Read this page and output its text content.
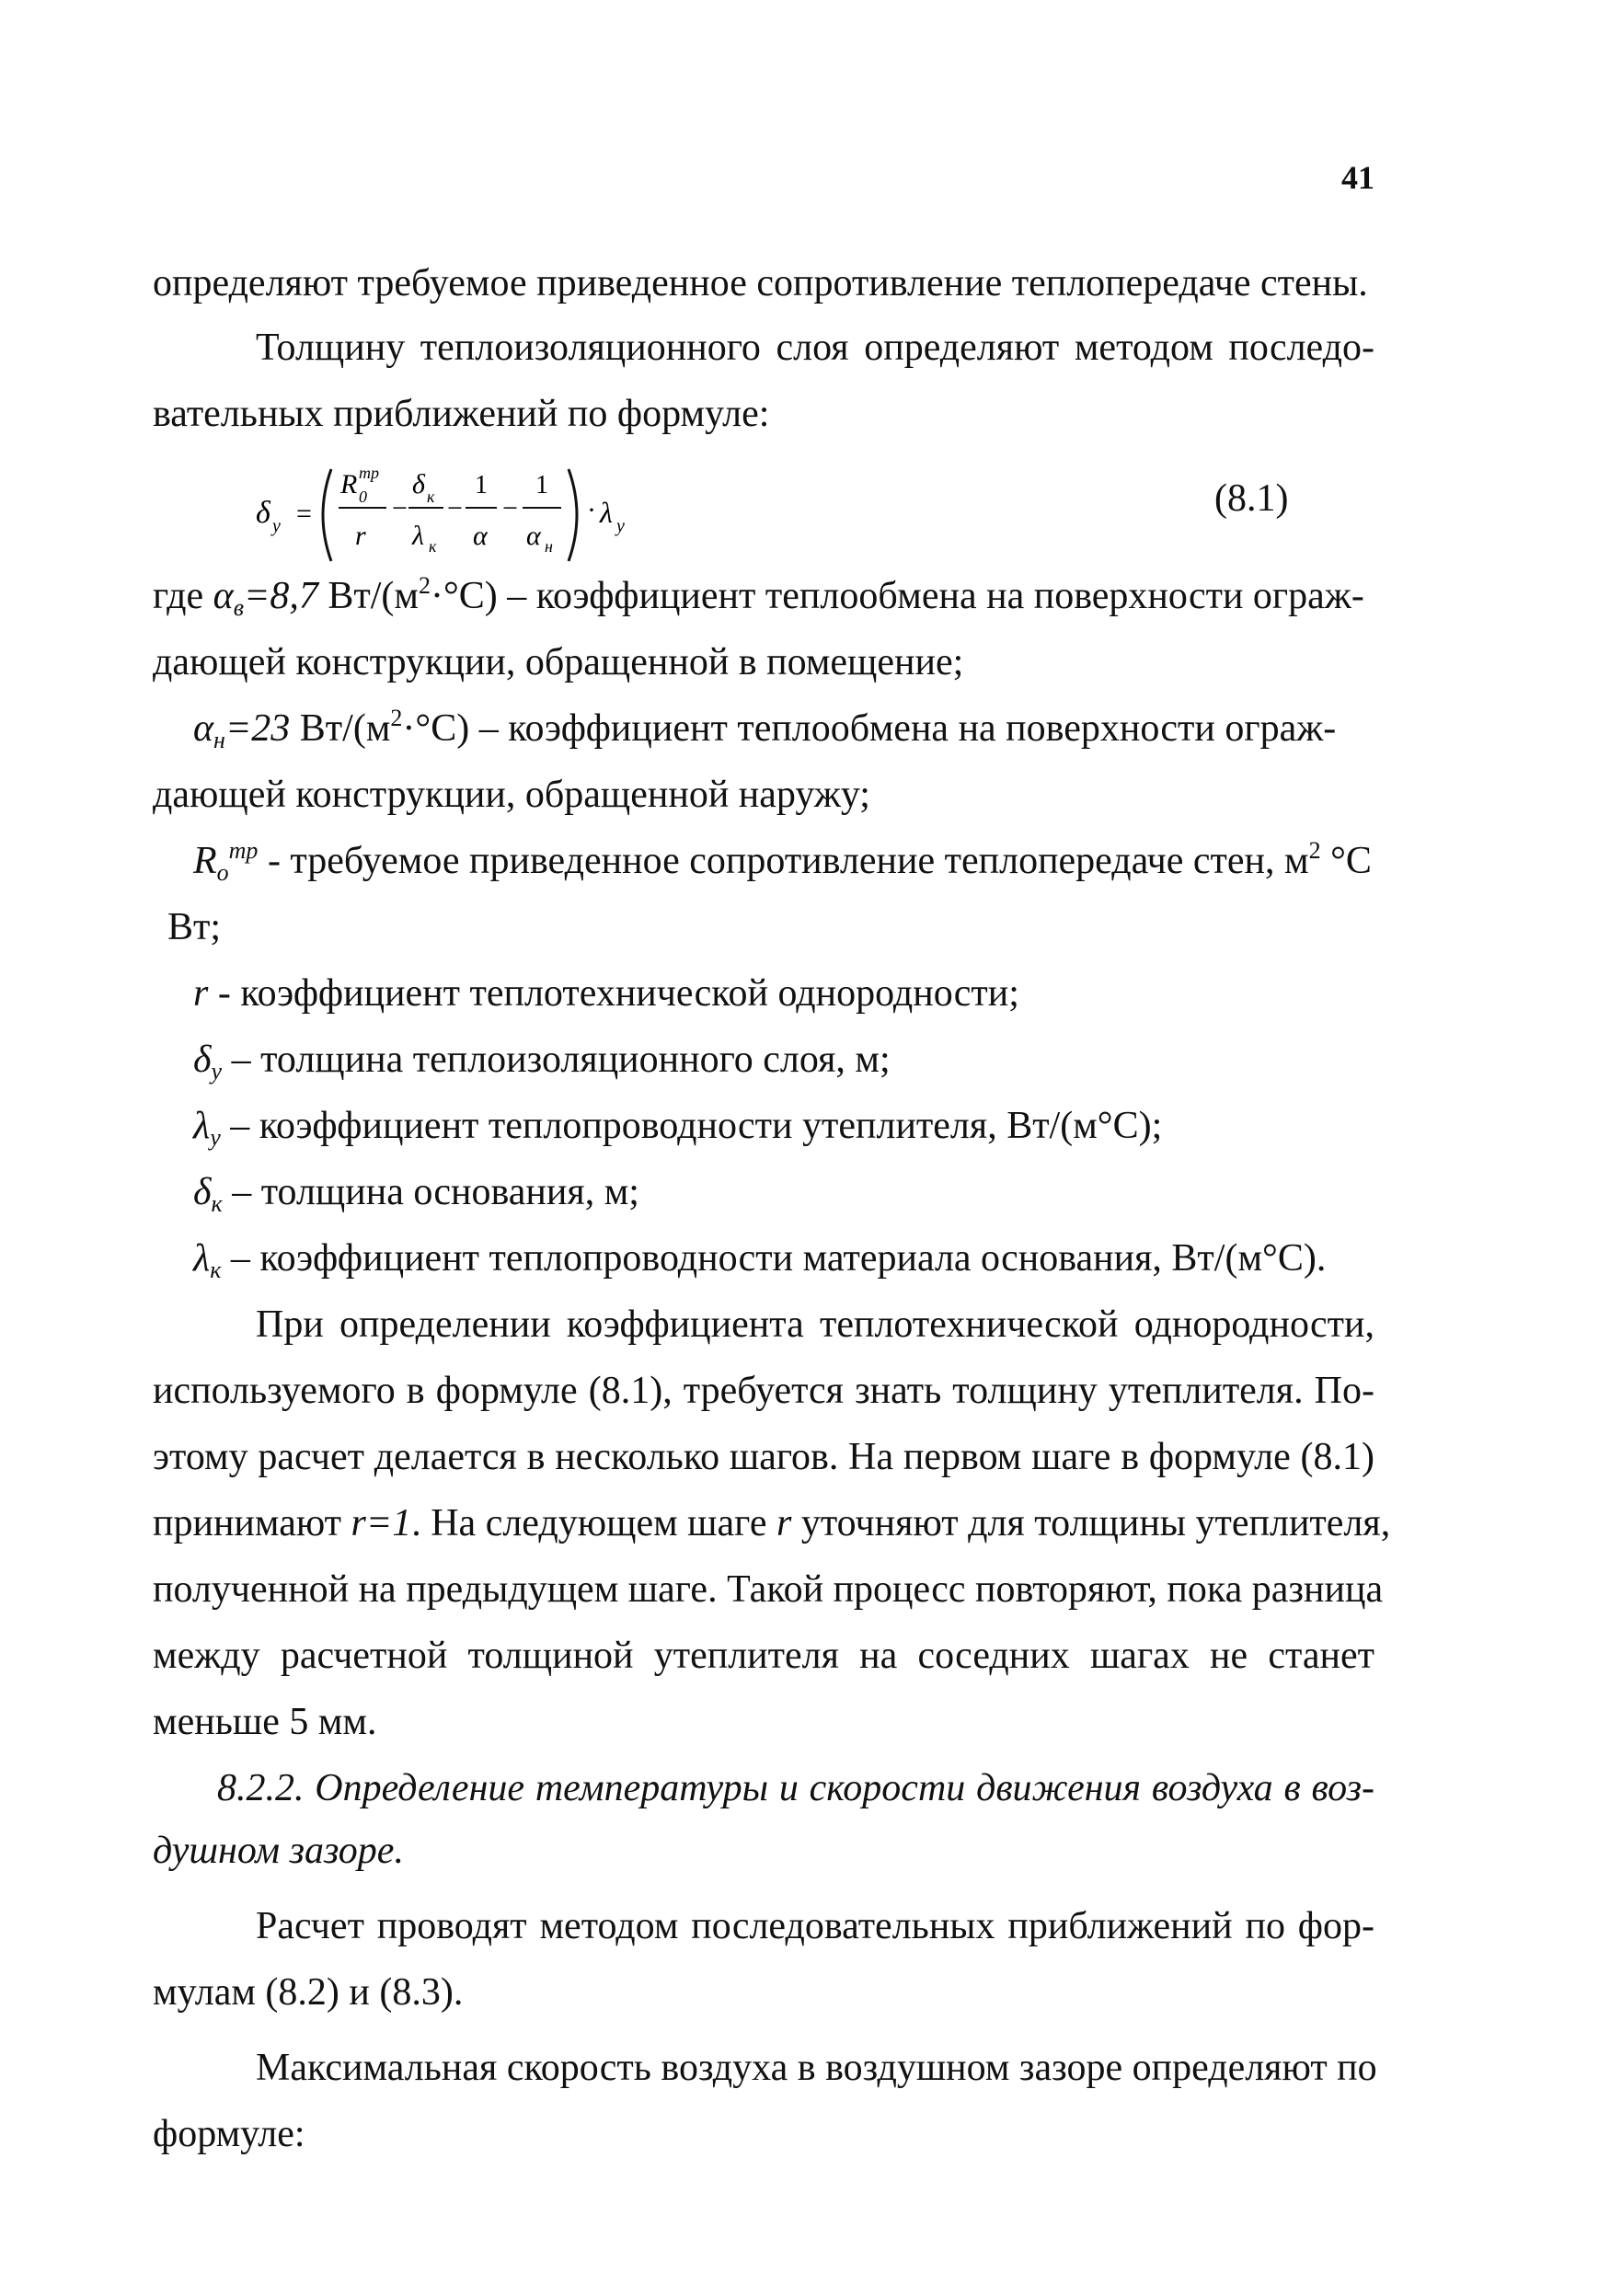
41
определяют требуемое приведенное сопротивление теплопередаче стены.
Толщину теплоизоляционного слоя определяют методом последо-
вательных приближений по формуле:
δ у =
R 0
тр
r
−
δ к
λ к
−
1
α
−
1
α н
· λ у
(8.1)
где $\alpha_в=8,7$ $Вт/(м^2\cdot^\circ С)$ – коэффициент теплообмена на поверхности ограж-
дающей конструкции, обращенной в помещение;
$\alpha_н=23$ $Вт/(м^2\cdot^\circ С)$ – коэффициент теплообмена на поверхности ограж-
дающей конструкции, обращенной наружу;
$R_o^{тр}$ - требуемое приведенное сопротивление теплопередаче стен, $м^2$ °С
Вт;
r - коэффициент теплотехнической однородности;
$\delta_у$ – толщина теплоизоляционного слоя, м;
$\lambda_у$ – коэффициент теплопроводности утеплителя, Вт/(м°С);
$\delta_к$ – толщина основания, м;
$\lambda_к$ – коэффициент теплопроводности материала основания, Вт/(м°С).
При определении коэффициента теплотехнической однородности,
используемого в формуле (8.1), требуется знать толщину утеплителя. По-
этому расчет делается в несколько шагов. На первом шаге в формуле (8.1)
принимают r=1. На следующем шаге r уточняют для толщины утеплителя,
полученной на предыдущем шаге. Такой процесс повторяют, пока разница
между расчетной толщиной утеплителя на соседних шагах не станет
меньше 5 мм.
8.2.2. Определение температуры и скорости движения воздуха в воз-
душном зазоре.
Расчет проводят методом последовательных приближений по фор-
мулам (8.2) и (8.3).
Максимальная скорость воздуха в воздушном зазоре определяют по
формуле:
